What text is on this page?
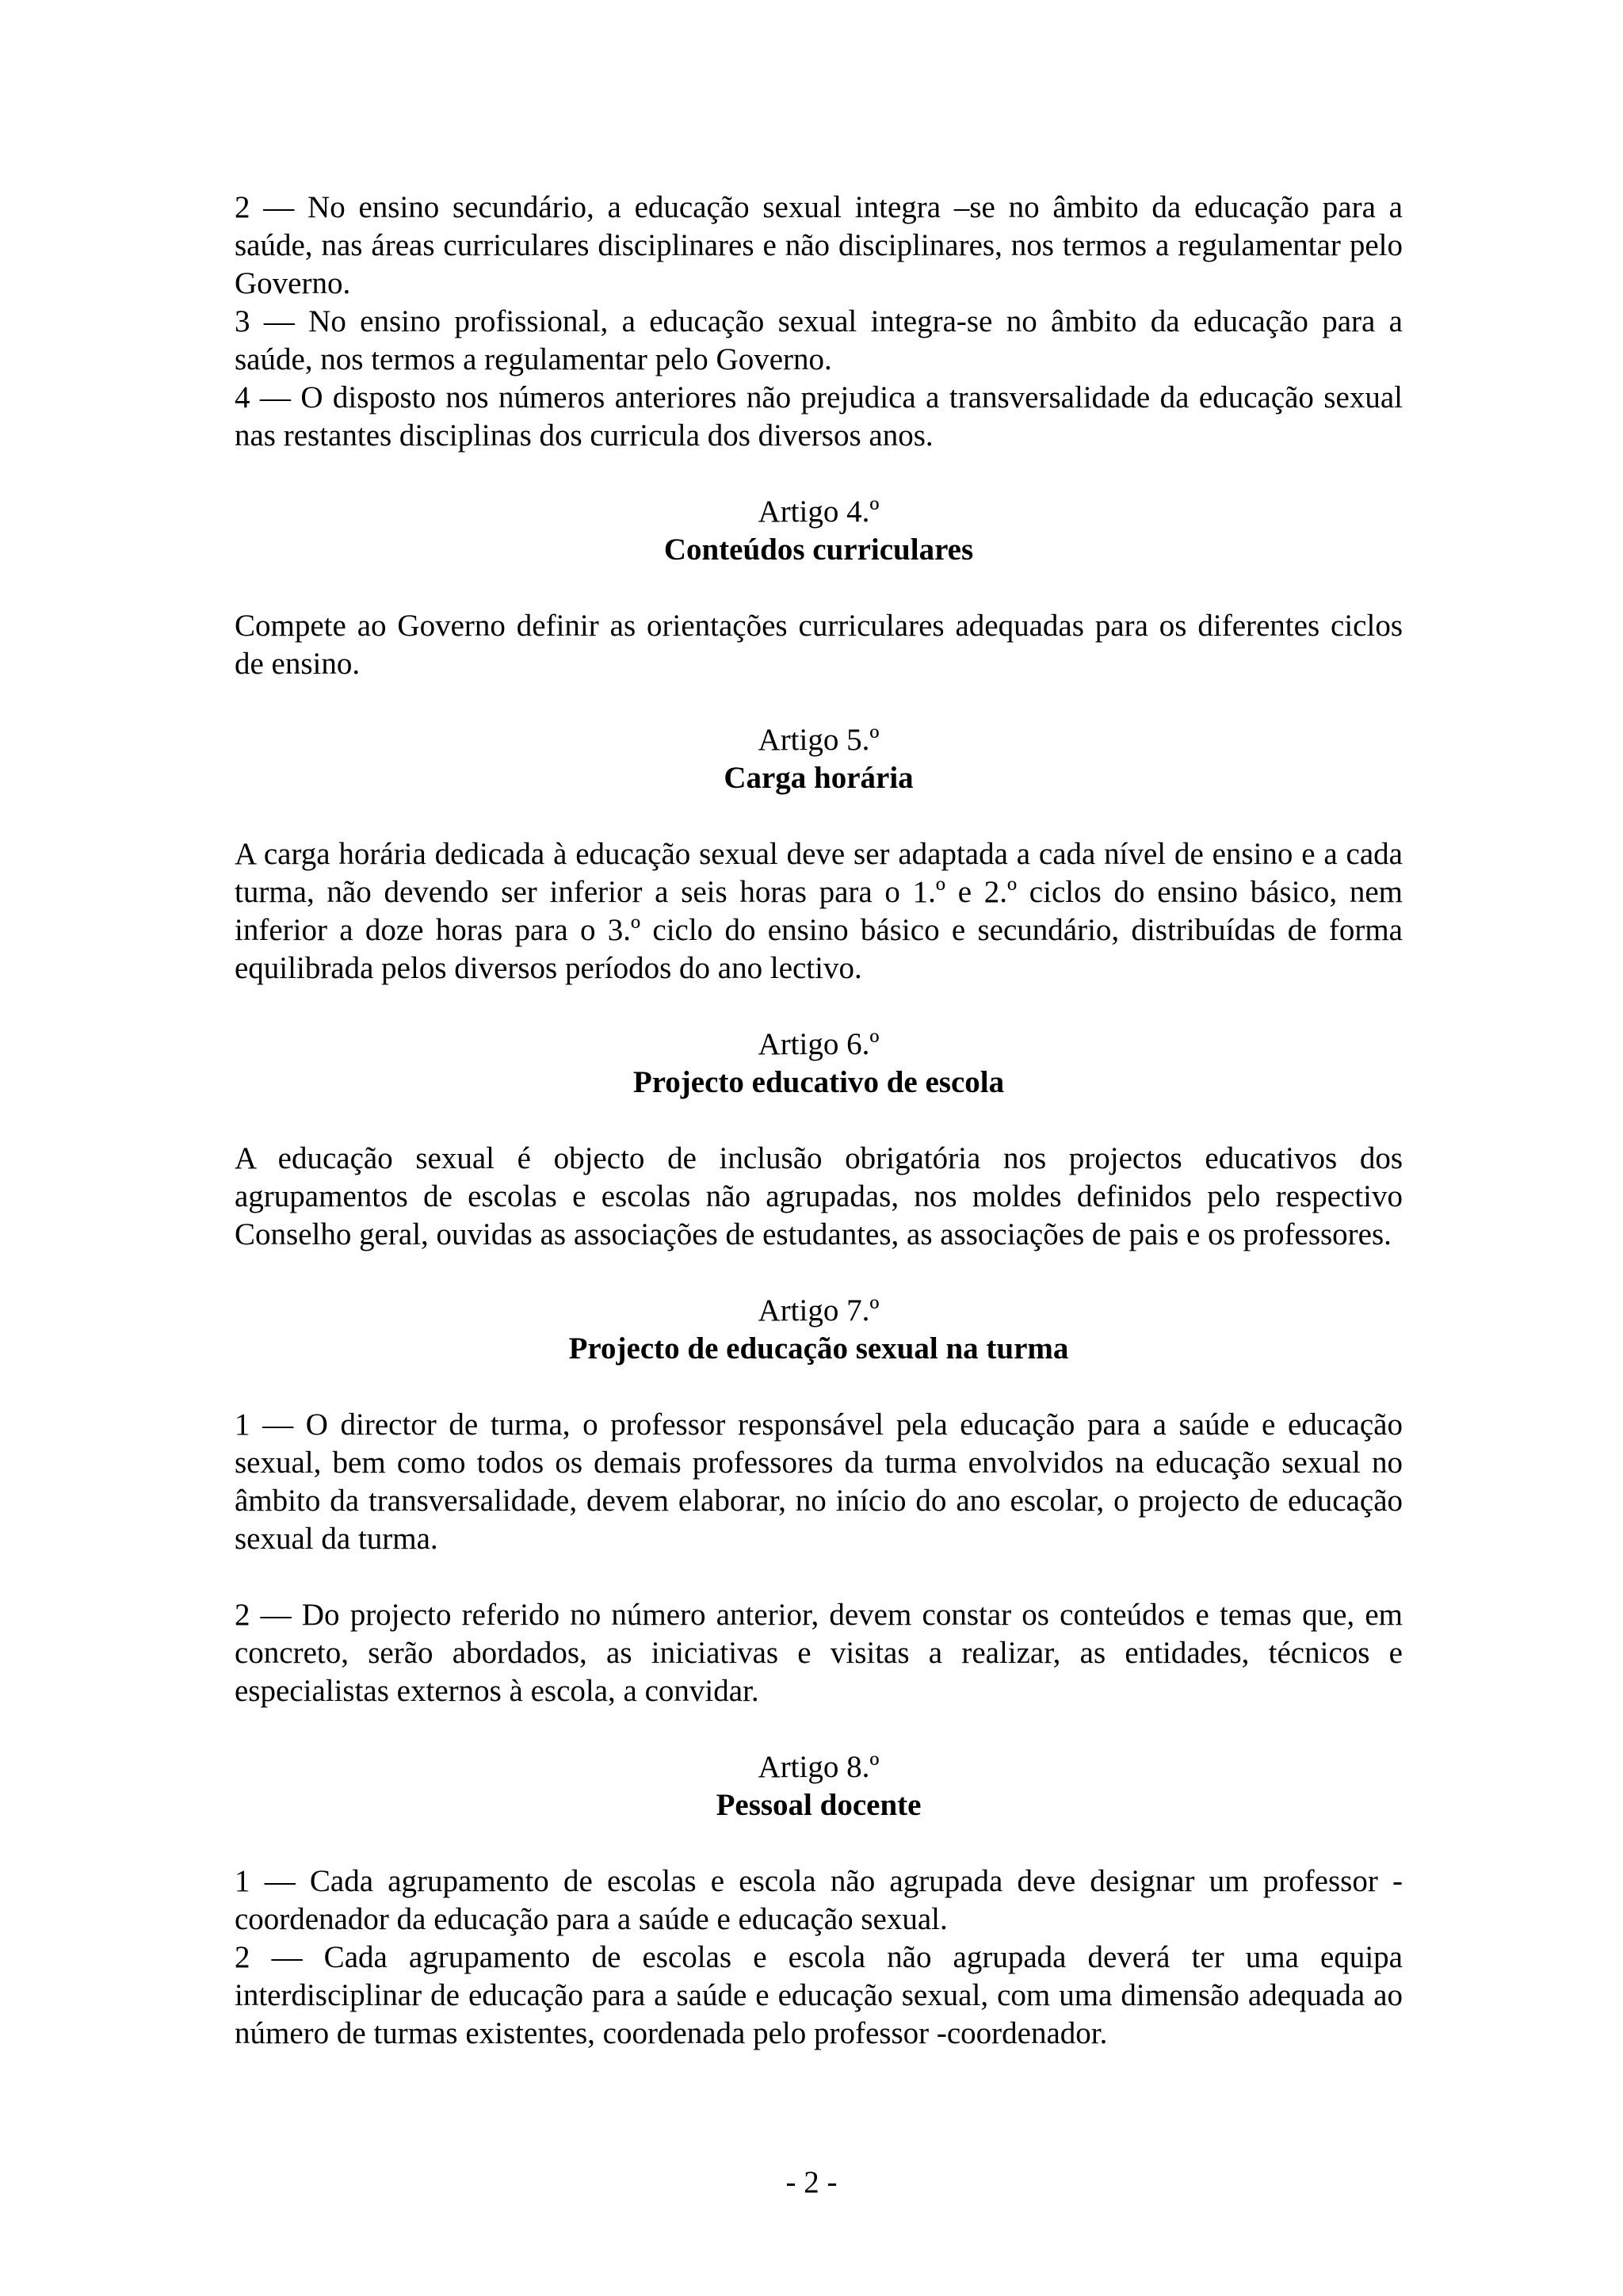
2 — No ensino secundário, a educação sexual integra –se no âmbito da educação para a saúde, nas áreas curriculares disciplinares e não disciplinares, nos termos a regulamentar pelo Governo.

3 — No ensino profissional, a educação sexual integra-se no âmbito da educação para a saúde, nos termos a regulamentar pelo Governo.

4 — O disposto nos números anteriores não prejudica a transversalidade da educação sexual nas restantes disciplinas dos curricula dos diversos anos.

Artigo 4.º
Conteúdos curriculares

Compete ao Governo definir as orientações curriculares adequadas para os diferentes ciclos de ensino.

Artigo 5.º
Carga horária

A carga horária dedicada à educação sexual deve ser adaptada a cada nível de ensino e a cada turma, não devendo ser inferior a seis horas para o 1.º e 2.º ciclos do ensino básico, nem inferior a doze horas para o 3.º ciclo do ensino básico e secundário, distribuídas de forma equilibrada pelos diversos períodos do ano lectivo.

Artigo 6.º
Projecto educativo de escola

A educação sexual é objecto de inclusão obrigatória nos projectos educativos dos agrupamentos de escolas e escolas não agrupadas, nos moldes definidos pelo respectivo Conselho geral, ouvidas as associações de estudantes, as associações de pais e os professores.

Artigo 7.º
Projecto de educação sexual na turma

1 — O director de turma, o professor responsável pela educação para a saúde e educação sexual, bem como todos os demais professores da turma envolvidos na educação sexual no âmbito da transversalidade, devem elaborar, no início do ano escolar, o projecto de educação sexual da turma.

2 — Do projecto referido no número anterior, devem constar os conteúdos e temas que, em concreto, serão abordados, as iniciativas e visitas a realizar, as entidades, técnicos e especialistas externos à escola, a convidar.

Artigo 8.º
Pessoal docente

1 — Cada agrupamento de escolas e escola não agrupada deve designar um professor - coordenador da educação para a saúde e educação sexual.

2 — Cada agrupamento de escolas e escola não agrupada deverá ter uma equipa interdisciplinar de educação para a saúde e educação sexual, com uma dimensão adequada ao número de turmas existentes, coordenada pelo professor -coordenador.

- 2 -
